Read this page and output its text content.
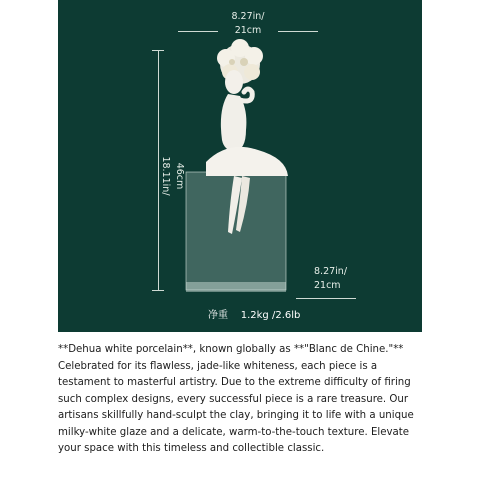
8.27in/
21cm
46cm
18.11in/
8.27in/
21cm
净重 1.2kg /2.6lb
**Dehua white porcelain**, known globally as **"Blanc de Chine."** Celebrated for its flawless, jade-like whiteness, each piece is a testament to masterful artistry. Due to the extreme difficulty of firing such complex designs, every successful piece is a rare treasure. Our artisans skillfully hand-sculpt the clay, bringing it to life with a unique milky-white glaze and a delicate, warm-to-the-touch texture. Elevate your space with this timeless and collectible classic.
